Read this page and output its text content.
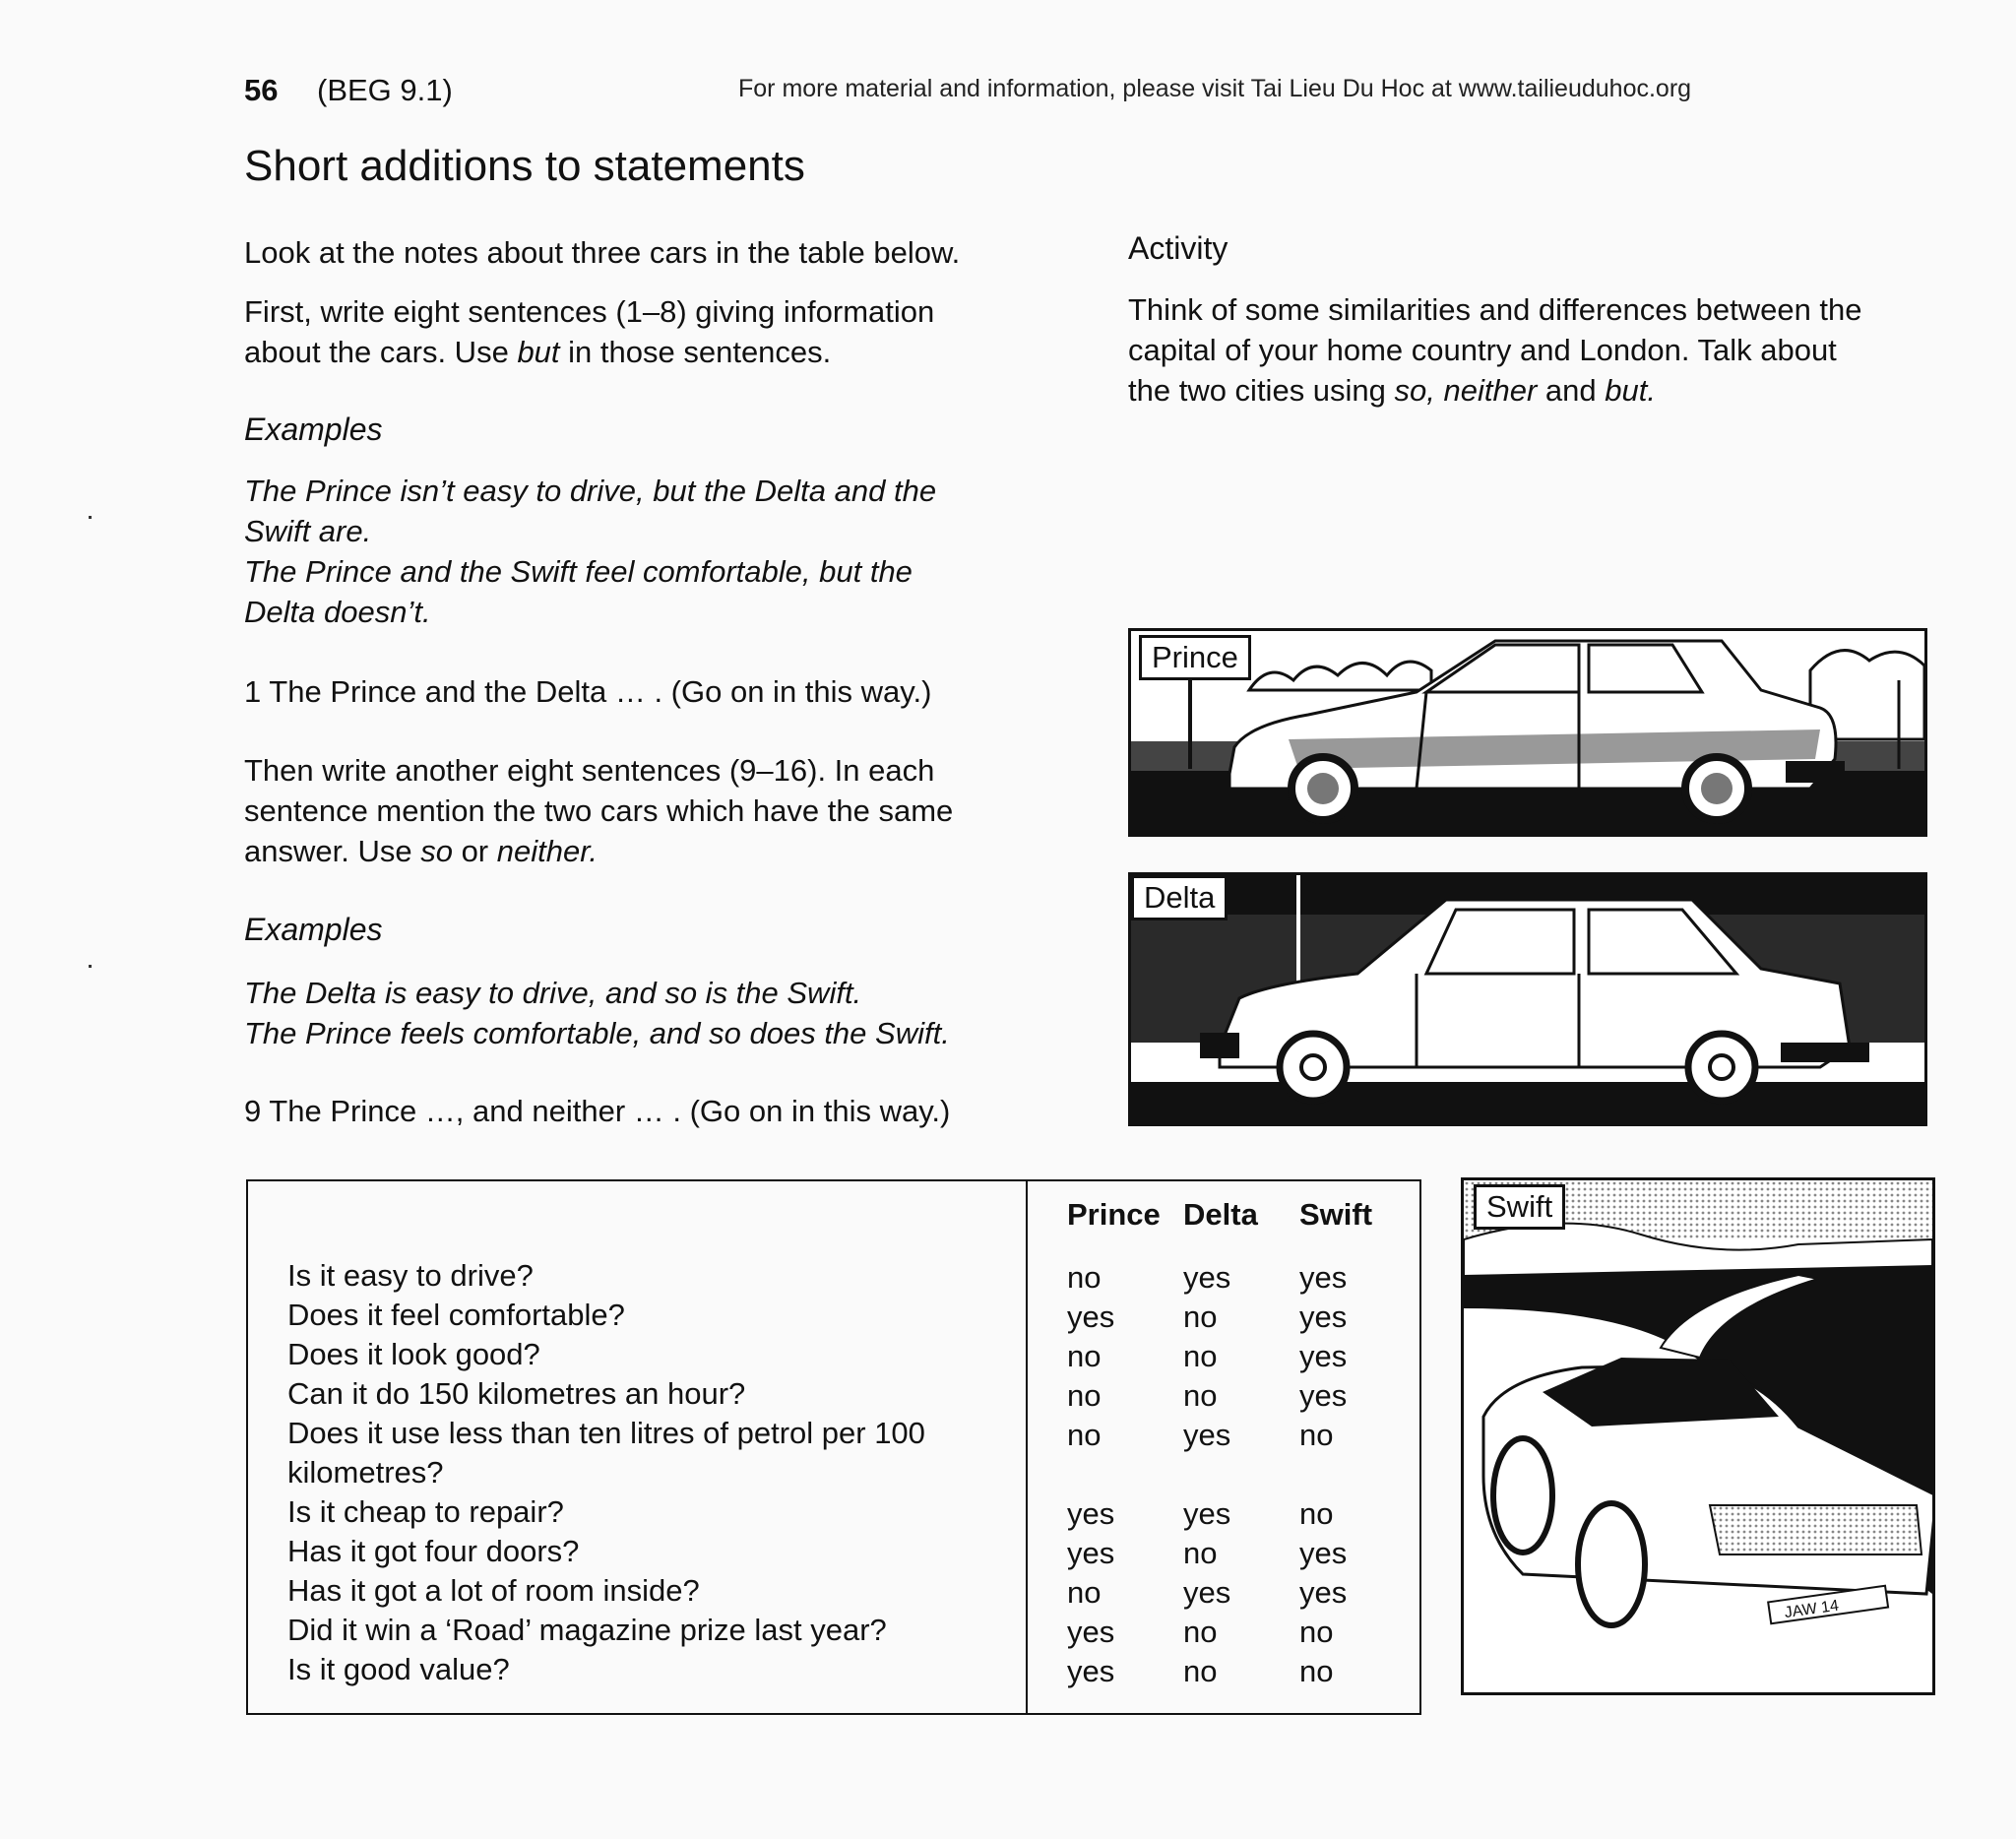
56 (BEG 9.1)	For more material and information, please visit Tai Lieu Du Hoc at www.tailieuduhoc.org
Short additions to statements
Look at the notes about three cars in the table below.
First, write eight sentences (1–8) giving information
about the cars. Use but in those sentences.
Examples
The Prince isn’t easy to drive, but the Delta and the
Swift are.
The Prince and the Swift feel comfortable, but the
Delta doesn’t.
1 The Prince and the Delta … . (Go on in this way.)
Then write another eight sentences (9–16). In each
sentence mention the two cars which have the same
answer. Use so or neither.
Examples
The Delta is easy to drive, and so is the Swift.
The Prince feels comfortable, and so does the Swift.
9 The Prince …, and neither … . (Go on in this way.)
Activity
Think of some similarities and differences between the
capital of your home country and London. Talk about
the two cities using so, neither and but.
Prince
Delta
JAW 14
Swift
Prince Delta Swift
Is it easy to drive?	no	yes yes
Does it feel comfortable?	yes no	yes
Does it look good?	no	no	yes
Can it do 150 kilometres an hour?	no	no	yes
Does it use less than ten litres of petrol per 100
kilometres?
no	yes no
Is it cheap to repair?	yes yes no
Has it got four doors?	yes no	yes
Has it got a lot of room inside?	no	yes yes
Did it win a ‘Road’ magazine prize last year?	yes no	no
Is it good value?	yes no	no
